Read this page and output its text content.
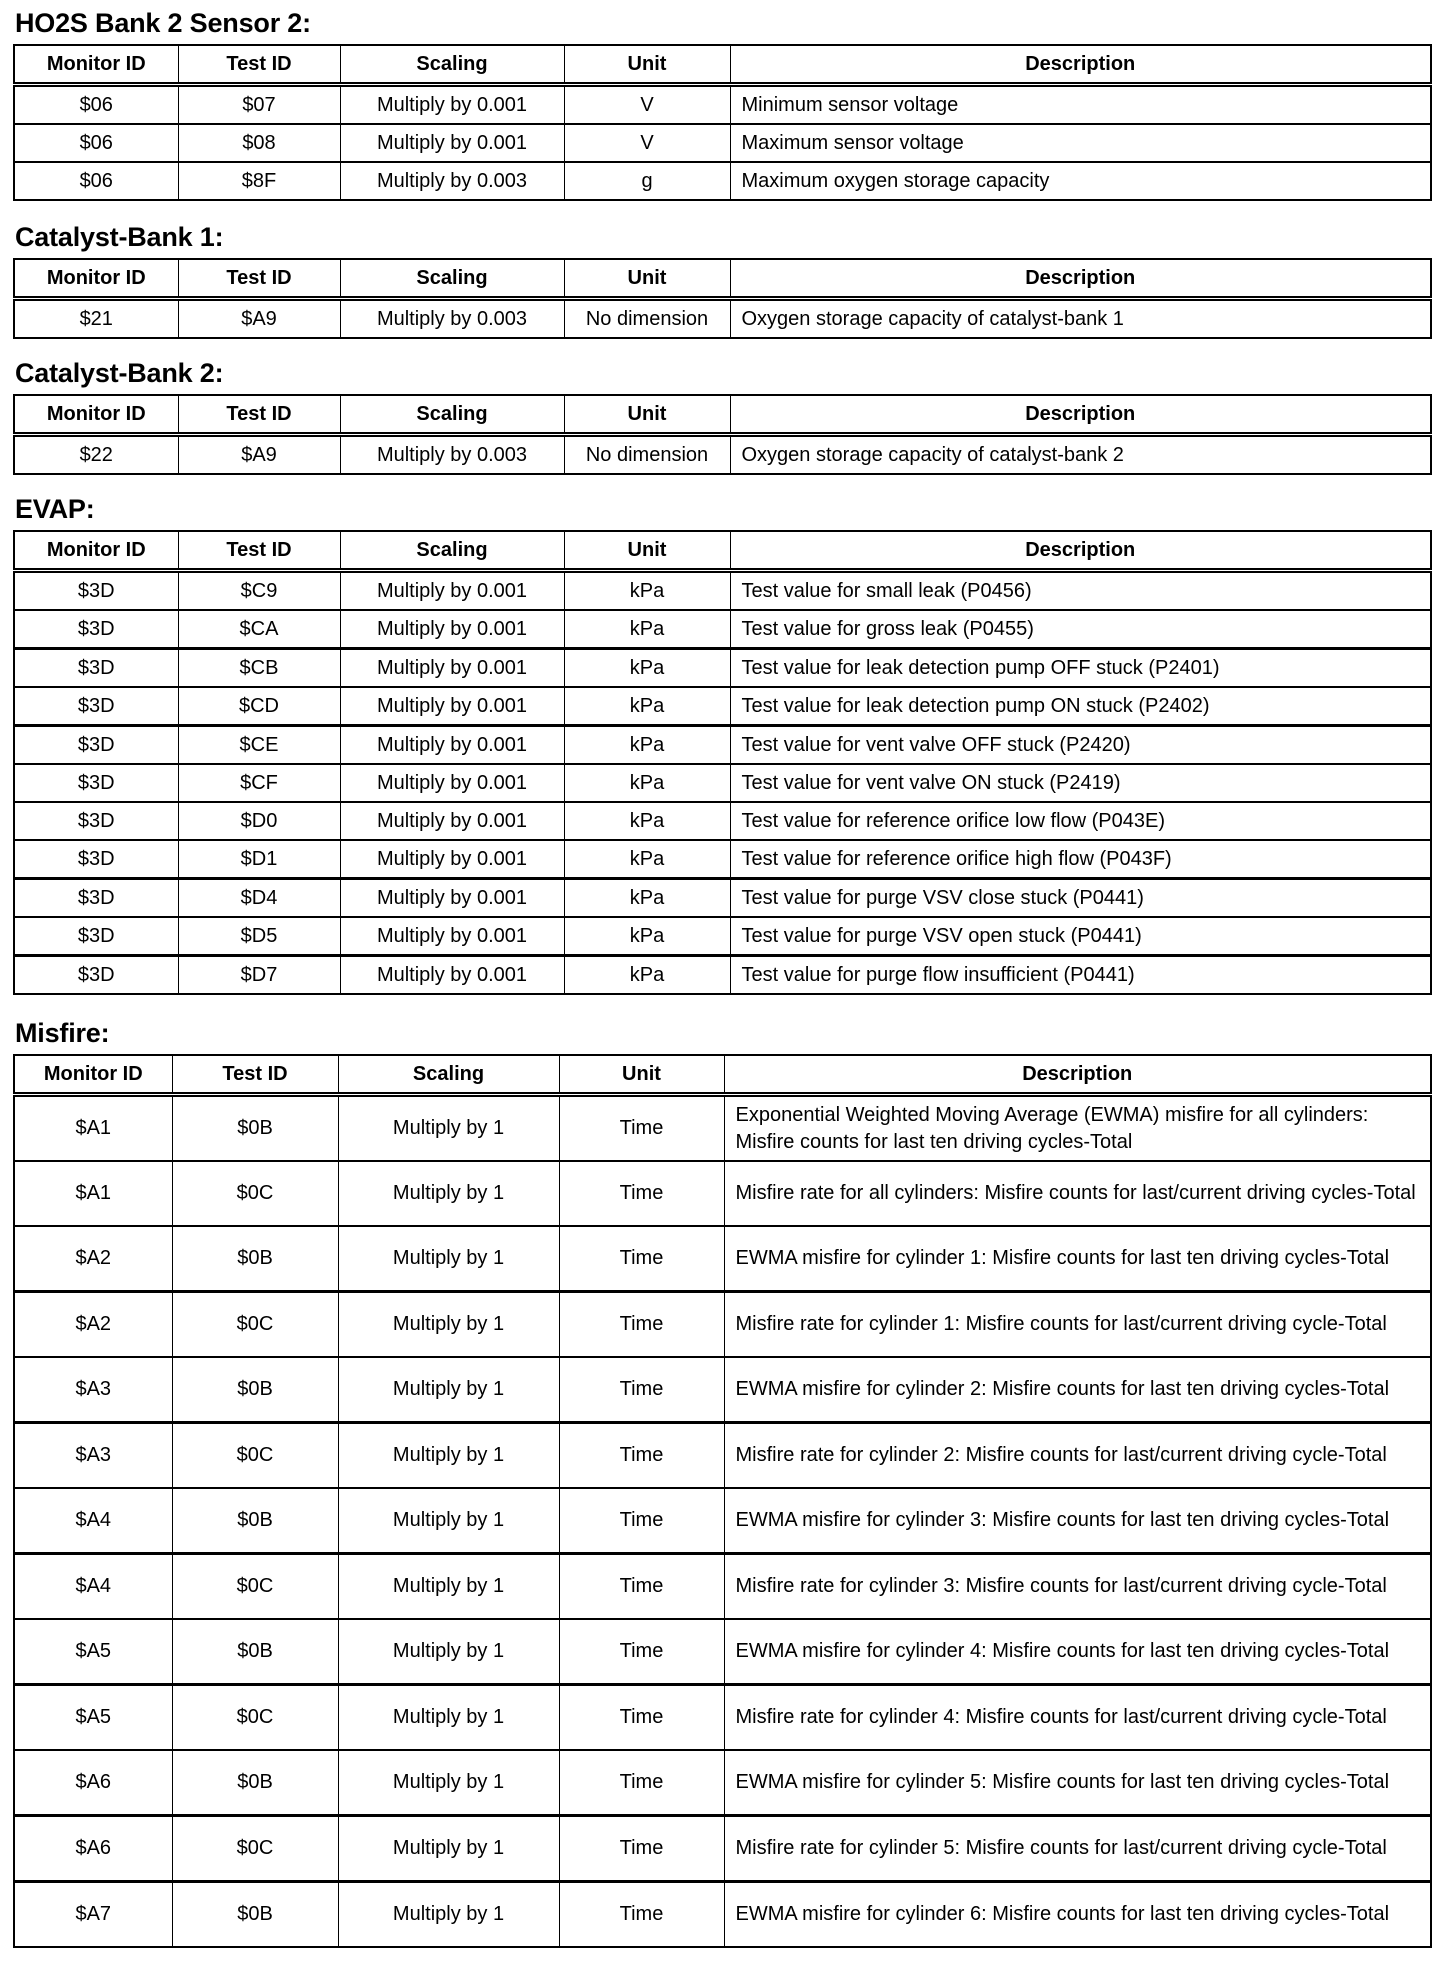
HO2S Bank 2 Sensor 2:
Monitor ID	Test ID	Scaling	Unit	Description
$06	$07	Multiply by 0.001	V	Minimum sensor voltage
$06	$08	Multiply by 0.001	V	Maximum sensor voltage
$06	$8F	Multiply by 0.003	g	Maximum oxygen storage capacity
Catalyst-Bank 1:
Monitor ID	Test ID	Scaling	Unit	Description
$21	$A9	Multiply by 0.003	No dimension	Oxygen storage capacity of catalyst-bank 1
Catalyst-Bank 2:
Monitor ID	Test ID	Scaling	Unit	Description
$22	$A9	Multiply by 0.003	No dimension	Oxygen storage capacity of catalyst-bank 2
EVAP:
Monitor ID	Test ID	Scaling	Unit	Description
$3D	$C9	Multiply by 0.001	kPa	Test value for small leak (P0456)
$3D	$CA	Multiply by 0.001	kPa	Test value for gross leak (P0455)
$3D	$CB	Multiply by 0.001	kPa	Test value for leak detection pump OFF stuck (P2401)
$3D	$CD	Multiply by 0.001	kPa	Test value for leak detection pump ON stuck (P2402)
$3D	$CE	Multiply by 0.001	kPa	Test value for vent valve OFF stuck (P2420)
$3D	$CF	Multiply by 0.001	kPa	Test value for vent valve ON stuck (P2419)
$3D	$D0	Multiply by 0.001	kPa	Test value for reference orifice low flow (P043E)
$3D	$D1	Multiply by 0.001	kPa	Test value for reference orifice high flow (P043F)
$3D	$D4	Multiply by 0.001	kPa	Test value for purge VSV close stuck (P0441)
$3D	$D5	Multiply by 0.001	kPa	Test value for purge VSV open stuck (P0441)
$3D	$D7	Multiply by 0.001	kPa	Test value for purge flow insufficient (P0441)
Misfire:
Monitor ID	Test ID	Scaling	Unit	Description
$A1	$0B	Multiply by 1	Time	Exponential Weighted Moving Average (EWMA) misfire for all cylinders: Misfire counts for last ten driving cycles-Total
$A1	$0C	Multiply by 1	Time	Misfire rate for all cylinders: Misfire counts for last/current driving cycles-Total
$A2	$0B	Multiply by 1	Time	EWMA misfire for cylinder 1: Misfire counts for last ten driving cycles-Total
$A2	$0C	Multiply by 1	Time	Misfire rate for cylinder 1: Misfire counts for last/current driving cycle-Total
$A3	$0B	Multiply by 1	Time	EWMA misfire for cylinder 2: Misfire counts for last ten driving cycles-Total
$A3	$0C	Multiply by 1	Time	Misfire rate for cylinder 2: Misfire counts for last/current driving cycle-Total
$A4	$0B	Multiply by 1	Time	EWMA misfire for cylinder 3: Misfire counts for last ten driving cycles-Total
$A4	$0C	Multiply by 1	Time	Misfire rate for cylinder 3: Misfire counts for last/current driving cycle-Total
$A5	$0B	Multiply by 1	Time	EWMA misfire for cylinder 4: Misfire counts for last ten driving cycles-Total
$A5	$0C	Multiply by 1	Time	Misfire rate for cylinder 4: Misfire counts for last/current driving cycle-Total
$A6	$0B	Multiply by 1	Time	EWMA misfire for cylinder 5: Misfire counts for last ten driving cycles-Total
$A6	$0C	Multiply by 1	Time	Misfire rate for cylinder 5: Misfire counts for last/current driving cycle-Total
$A7	$0B	Multiply by 1	Time	EWMA misfire for cylinder 6: Misfire counts for last ten driving cycles-Total
